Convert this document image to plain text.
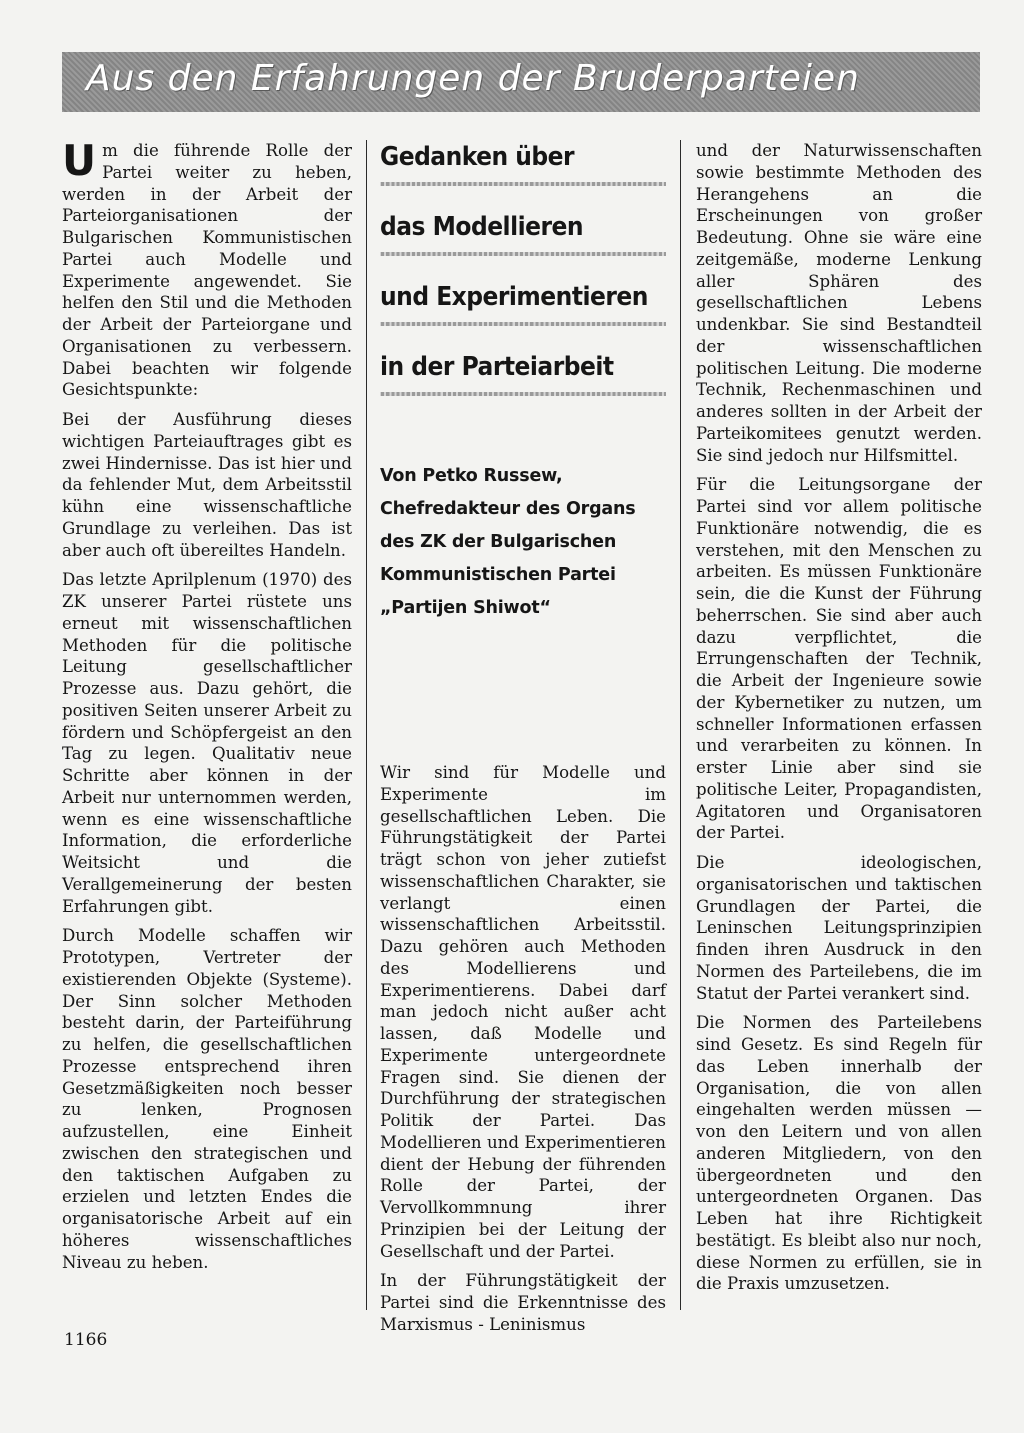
Aus den Erfahrungen der Bruderparteien

Um die führende Rolle der Partei weiter zu heben, werden in der Arbeit der Parteiorganisationen der Bulgarischen Kommunistischen Partei auch Modelle und Experimente angewendet. Sie helfen den Stil und die Methoden der Arbeit der Parteiorgane und Organisationen zu verbessern. Dabei beachten wir folgende Gesichtspunkte:

Bei der Ausführung dieses wichtigen Parteiauftrages gibt es zwei Hindernisse. Das ist hier und da fehlender Mut, dem Arbeitsstil kühn eine wissenschaftliche Grundlage zu verleihen. Das ist aber auch oft übereiltes Handeln.

Das letzte Aprilplenum (1970) des ZK unserer Partei rüstete uns erneut mit wissenschaftlichen Methoden für die politische Leitung gesellschaftlicher Prozesse aus. Dazu gehört, die positiven Seiten unserer Arbeit zu fördern und Schöpfergeist an den Tag zu legen. Qualitativ neue Schritte aber können in der Arbeit nur unternommen werden, wenn es eine wissenschaftliche Information, die erforderliche Weitsicht und die Verallgemeinerung der besten Erfahrungen gibt.

Durch Modelle schaffen wir Prototypen, Vertreter der existierenden Objekte (Systeme). Der Sinn solcher Methoden besteht darin, der Parteiführung zu helfen, die gesellschaftlichen Prozesse entsprechend ihren Gesetzmäßigkeiten noch besser zu lenken, Prognosen aufzustellen, eine Einheit zwischen den strategischen und den taktischen Aufgaben zu erzielen und letzten Endes die organisatorische Arbeit auf ein höheres wissenschaftliches Niveau zu heben.

Gedanken über
das Modellieren
und Experimentieren
in der Parteiarbeit
Von Petko Russew,
Chefredakteur des Organs
des ZK der Bulgarischen
Kommunistischen Partei
„Partijen Shiwot“

Wir sind für Modelle und Experimente im gesellschaftlichen Leben. Die Führungstätigkeit der Partei trägt schon von jeher zutiefst wissenschaftlichen Charakter, sie verlangt einen wissenschaftlichen Arbeitsstil. Dazu gehören auch Methoden des Modellierens und Experimentierens. Dabei darf man jedoch nicht außer acht lassen, daß Modelle und Experimente untergeordnete Fragen sind. Sie dienen der Durchführung der strategischen Politik der Partei. Das Modellieren und Experimentieren dient der Hebung der führenden Rolle der Partei, der Vervollkommnung ihrer Prinzipien bei der Leitung der Gesellschaft und der Partei.

In der Führungstätigkeit der Partei sind die Erkenntnisse des Marxismus - Leninismus

und der Naturwissenschaften sowie bestimmte Methoden des Herangehens an die Erscheinungen von großer Bedeutung. Ohne sie wäre eine zeitgemäße, moderne Lenkung aller Sphären des gesellschaftlichen Lebens undenkbar. Sie sind Bestandteil der wissenschaftlichen politischen Leitung. Die moderne Technik, Rechenmaschinen und anderes sollten in der Arbeit der Parteikomitees genutzt werden. Sie sind jedoch nur Hilfsmittel.

Für die Leitungsorgane der Partei sind vor allem politische Funktionäre notwendig, die es verstehen, mit den Menschen zu arbeiten. Es müssen Funktionäre sein, die die Kunst der Führung beherrschen. Sie sind aber auch dazu verpflichtet, die Errungenschaften der Technik, die Arbeit der Ingenieure sowie der Kybernetiker zu nutzen, um schneller Informationen erfassen und verarbeiten zu können. In erster Linie aber sind sie politische Leiter, Propagandisten, Agitatoren und Organisatoren der Partei.

Die ideologischen, organisatorischen und taktischen Grundlagen der Partei, die Leninschen Leitungsprinzipien finden ihren Ausdruck in den Normen des Parteilebens, die im Statut der Partei verankert sind.

Die Normen des Parteilebens sind Gesetz. Es sind Regeln für das Leben innerhalb der Organisation, die von allen eingehalten werden müssen — von den Leitern und von allen anderen Mitgliedern, von den übergeordneten und den untergeordneten Organen. Das Leben hat ihre Richtigkeit bestätigt. Es bleibt also nur noch, diese Normen zu erfüllen, sie in die Praxis umzusetzen.

1166
